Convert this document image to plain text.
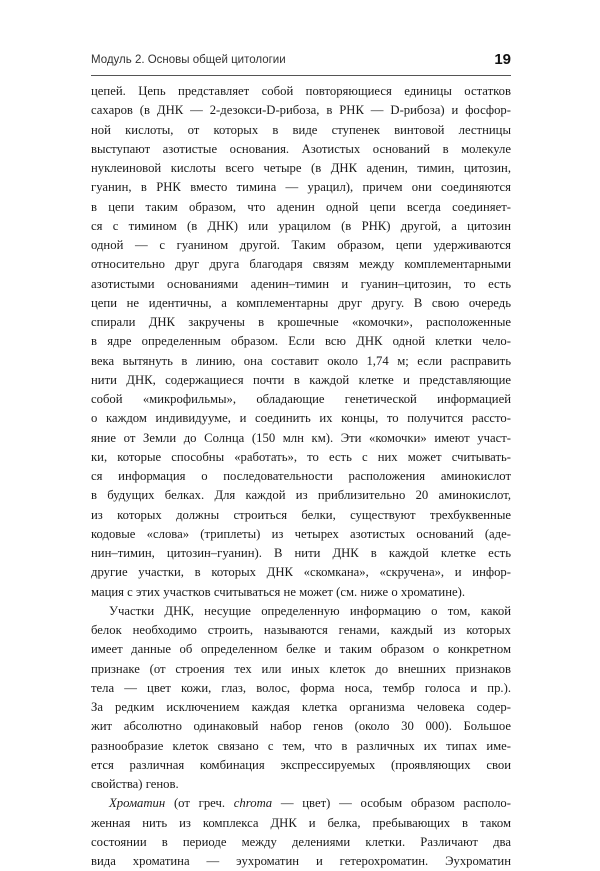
Модуль 2. Основы общей цитологии	19
цепей. Цепь представляет собой повторяющиеся единицы остатков
сахаров (в ДНК — 2-дезокси-D-рибоза, в РНК — D-рибоза) и фосфор-
ной кислоты, от которых в виде ступенек винтовой лестницы
выступают азотистые основания. Азотистых оснований в молекуле
нуклеиновой кислоты всего четыре (в ДНК аденин, тимин, цитозин,
гуанин, в РНК вместо тимина — урацил), причем они соединяются
в цепи таким образом, что аденин одной цепи всегда соединяет-
ся с тимином (в ДНК) или урацилом (в РНК) другой, а цитозин
одной — с гуанином другой. Таким образом, цепи удерживаются
относительно друг друга благодаря связям между комплементарными
азотистыми основаниями аденин–тимин и гуанин–цитозин, то есть
цепи не идентичны, а комплементарны друг другу. В свою очередь
спирали ДНК закручены в крошечные «комочки», расположенные
в ядре определенным образом. Если всю ДНК одной клетки чело-
века вытянуть в линию, она составит около 1,74 м; если расправить
нити ДНК, содержащиеся почти в каждой клетке и представляющие
собой «микрофильмы», обладающие генетической информацией
о каждом индивидууме, и соединить их концы, то получится рассто-
яние от Земли до Солнца (150 млн км). Эти «комочки» имеют участ-
ки, которые способны «работать», то есть с них может считывать-
ся информация о последовательности расположения аминокислот
в будущих белках. Для каждой из приблизительно 20 аминокислот,
из которых должны строиться белки, существуют трехбуквенные
кодовые «слова» (триплеты) из четырех азотистых оснований (аде-
нин–тимин, цитозин–гуанин). В нити ДНК в каждой клетке есть
другие участки, в которых ДНК «скомкана», «скручена», и инфор-
мация с этих участков считываться не может (см. ниже о хроматине).
Участки ДНК, несущие определенную информацию о том, какой
белок необходимо строить, называются генами, каждый из которых
имеет данные об определенном белке и таким образом о конкретном
признаке (от строения тех или иных клеток до внешних признаков
тела — цвет кожи, глаз, волос, форма носа, тембр голоса и пр.).
За редким исключением каждая клетка организма человека содер-
жит абсолютно одинаковый набор генов (около 30 000). Большое
разнообразие клеток связано с тем, что в различных их типах име-
ется различная комбинация экспрессируемых (проявляющих свои
свойства) генов.
Хроматин (от греч. chroma — цвет) — особым образом располо-
женная нить из комплекса ДНК и белка, пребывающих в таком
состоянии в периоде между делениями клетки. Различают два
вида хроматина — эухроматин и гетерохроматин. Эухроматин
